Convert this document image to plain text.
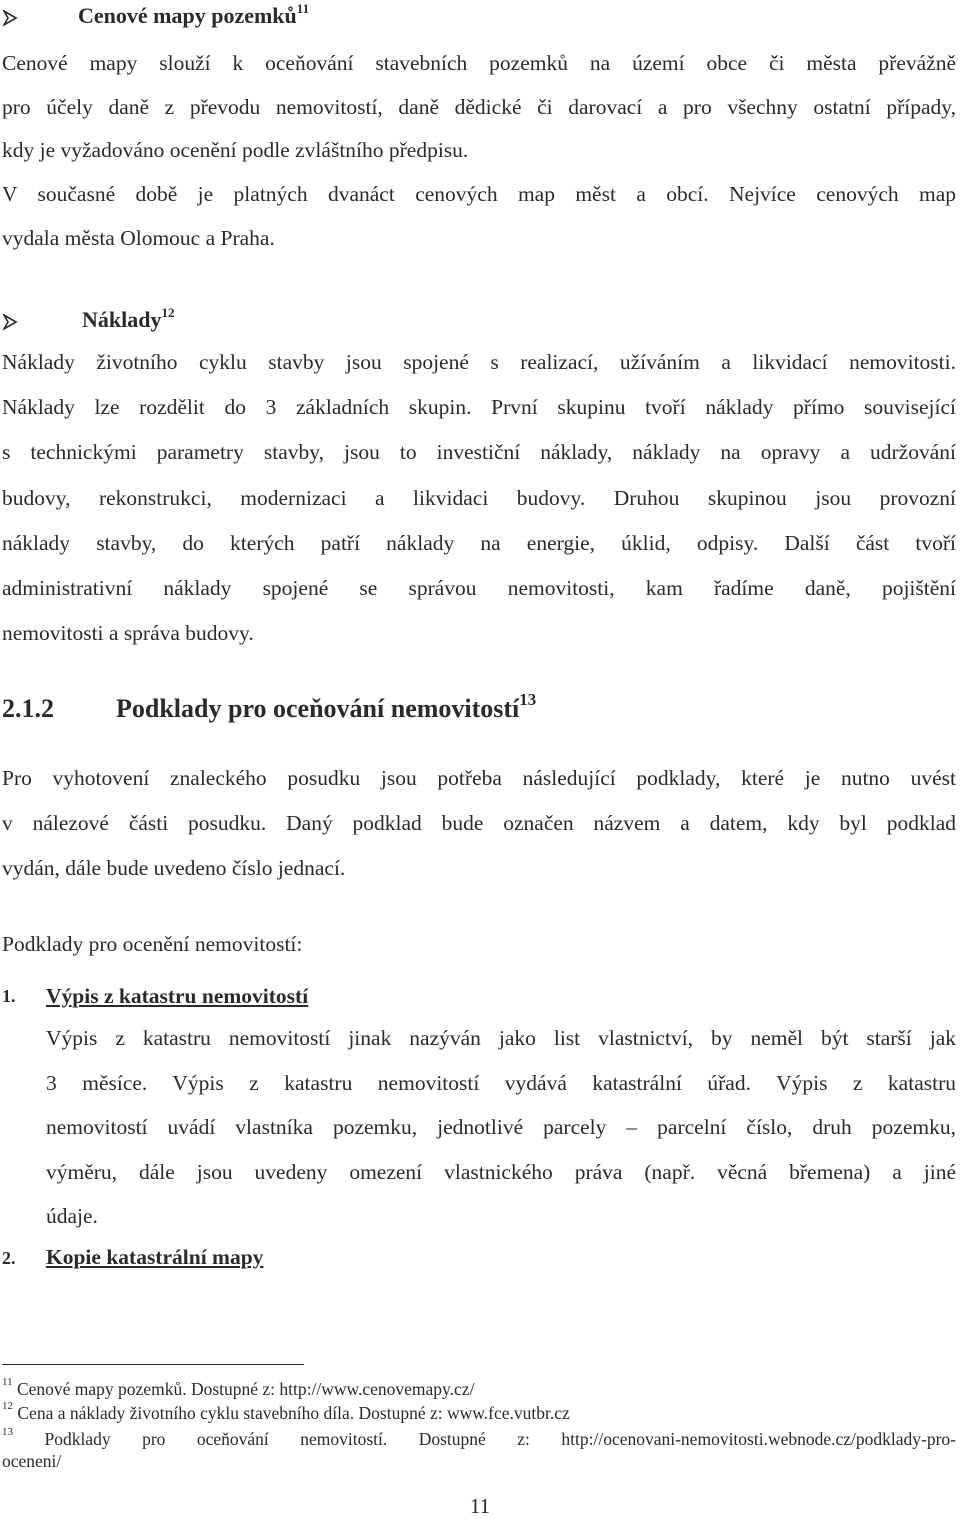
Cenové mapy pozemků$^{11}$
Cenové mapy slouží k oceňování stavebních pozemků na území obce či města převážně
pro účely daně z převodu nemovitostí, daně dědické či darovací a pro všechny ostatní případy,
kdy je vyžadováno ocenění podle zvláštního předpisu.
V současné době je platných dvanáct cenových map měst a obcí. Nejvíce cenových map
vydala města Olomouc a Praha.
Náklady$^{12}$
Náklady životního cyklu stavby jsou spojené s realizací, užíváním a likvidací nemovitosti.
Náklady lze rozdělit do 3 základních skupin. První skupinu tvoří náklady přímo související
s technickými parametry stavby, jsou to investiční náklady, náklady na opravy a udržování
budovy, rekonstrukci, modernizaci a likvidaci budovy. Druhou skupinou jsou provozní
náklady stavby, do kterých patří náklady na energie, úklid, odpisy. Další část tvoří
administrativní náklady spojené se správou nemovitosti, kam řadíme daně, pojištění
nemovitosti a správa budovy.
2.1.2 Podklady pro oceňování nemovitostí$^{13}$
Pro vyhotovení znaleckého posudku jsou potřeba následující podklady, které je nutno uvést
v nálezové části posudku. Daný podklad bude označen názvem a datem, kdy byl podklad
vydán, dále bude uvedeno číslo jednací.
Podklady pro ocenění nemovitostí:
1. Výpis z katastru nemovitostí
Výpis z katastru nemovitostí jinak nazýván jako list vlastnictví, by neměl být starší jak
3 měsíce. Výpis z katastru nemovitostí vydává katastrální úřad. Výpis z katastru
nemovitostí uvádí vlastníka pozemku, jednotlivé parcely – parcelní číslo, druh pozemku,
výměru, dále jsou uvedeny omezení vlastnického práva (např. věcná břemena) a jiné
údaje.
2. Kopie katastrální mapy
$^{11}$ Cenové mapy pozemků. Dostupné z: http://www.cenovemapy.cz/
$^{12}$ Cena a náklady životního cyklu stavebního díla. Dostupné z: www.fce.vutbr.cz
$^{13}$ Podklady pro oceňování nemovitostí. Dostupné z: http://ocenovani-nemovitosti.webnode.cz/podklady-pro-
oceneni/
11
